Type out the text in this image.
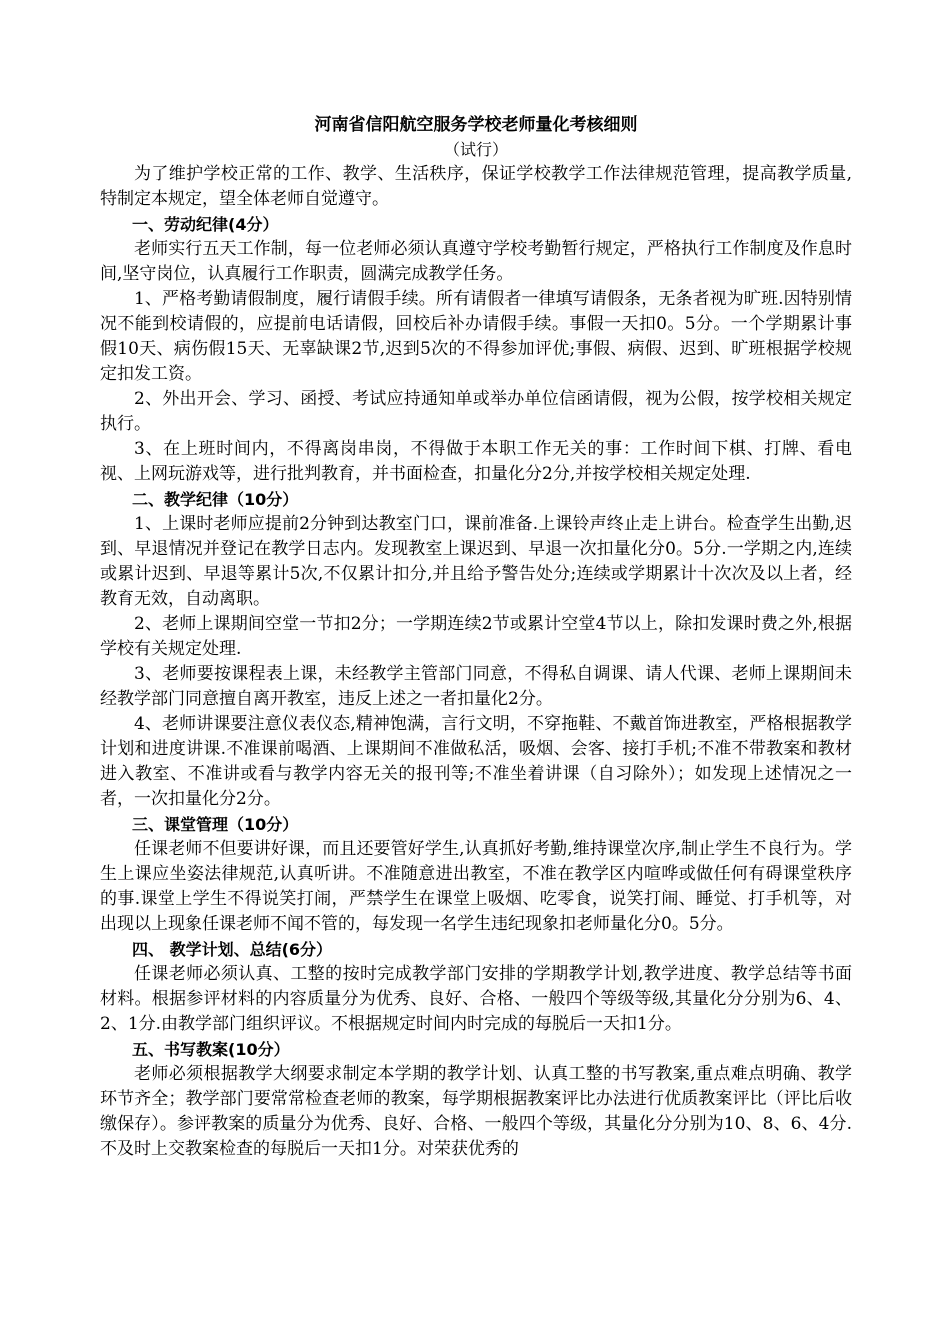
河南省信阳航空服务学校老师量化考核细则
（试行）

为了维护学校正常的工作、教学、生活秩序，保证学校教学工作法律规范管理，提高教学质量,特制定本规定，望全体老师自觉遵守。

一、劳动纪律(4分）

老师实行五天工作制，每一位老师必须认真遵守学校考勤暂行规定，严格执行工作制度及作息时间,坚守岗位，认真履行工作职责，圆满完成教学任务。

1、严格考勤请假制度，履行请假手续。所有请假者一律填写请假条，无条者视为旷班.因特别情况不能到校请假的，应提前电话请假，回校后补办请假手续。事假一天扣0。5分。一个学期累计事假10天、病伤假15天、无辜缺课2节,迟到5次的不得参加评优;事假、病假、迟到、旷班根据学校规定扣发工资。

2、外出开会、学习、函授、考试应持通知单或举办单位信函请假，视为公假，按学校相关规定执行。

3、在上班时间内，不得离岗串岗，不得做于本职工作无关的事：工作时间下棋、打牌、看电视、上网玩游戏等，进行批判教育，并书面检查，扣量化分2分,并按学校相关规定处理.

二、教学纪律（10分）

1、上课时老师应提前2分钟到达教室门口，课前准备.上课铃声终止走上讲台。检查学生出勤,迟到、早退情况并登记在教学日志内。发现教室上课迟到、早退一次扣量化分0。5分.一学期之内,连续或累计迟到、早退等累计5次,不仅累计扣分,并且给予警告处分;连续或学期累计十次次及以上者，经教育无效，自动离职。

2、老师上课期间空堂一节扣2分；一学期连续2节或累计空堂4节以上，除扣发课时费之外,根据学校有关规定处理.

3、老师要按课程表上课，未经教学主管部门同意，不得私自调课、请人代课、老师上课期间未经教学部门同意擅自离开教室，违反上述之一者扣量化2分。

4、老师讲课要注意仪表仪态,精神饱满，言行文明，不穿拖鞋、不戴首饰进教室，严格根据教学计划和进度讲课.不准课前喝酒、上课期间不准做私活，吸烟、会客、接打手机;不准不带教案和教材进入教室、不准讲或看与教学内容无关的报刊等;不准坐着讲课（自习除外）；如发现上述情况之一者，一次扣量化分2分。

三、课堂管理（10分）

任课老师不但要讲好课，而且还要管好学生,认真抓好考勤,维持课堂次序,制止学生不良行为。学生上课应坐姿法律规范,认真听讲。不准随意进出教室，不准在教学区内喧哗或做任何有碍课堂秩序的事.课堂上学生不得说笑打闹，严禁学生在课堂上吸烟、吃零食，说笑打闹、睡觉、打手机等，对出现以上现象任课老师不闻不管的，每发现一名学生违纪现象扣老师量化分0。5分。

四、 教学计划、总结(6分）

任课老师必须认真、工整的按时完成教学部门安排的学期教学计划,教学进度、教学总结等书面材料。根据参评材料的内容质量分为优秀、良好、合格、一般四个等级等级,其量化分分别为6、4、2、1分.由教学部门组织评议。不根据规定时间内时完成的每脱后一天扣1分。

五、书写教案(10分）

老师必须根据教学大纲要求制定本学期的教学计划、认真工整的书写教案,重点难点明确、教学环节齐全；教学部门要常常检查老师的教案，每学期根据教案评比办法进行优质教案评比（评比后收缴保存）。参评教案的质量分为优秀、良好、合格、一般四个等级，其量化分分别为10、8、6、4分.不及时上交教案检查的每脱后一天扣1分。对荣获优秀的
